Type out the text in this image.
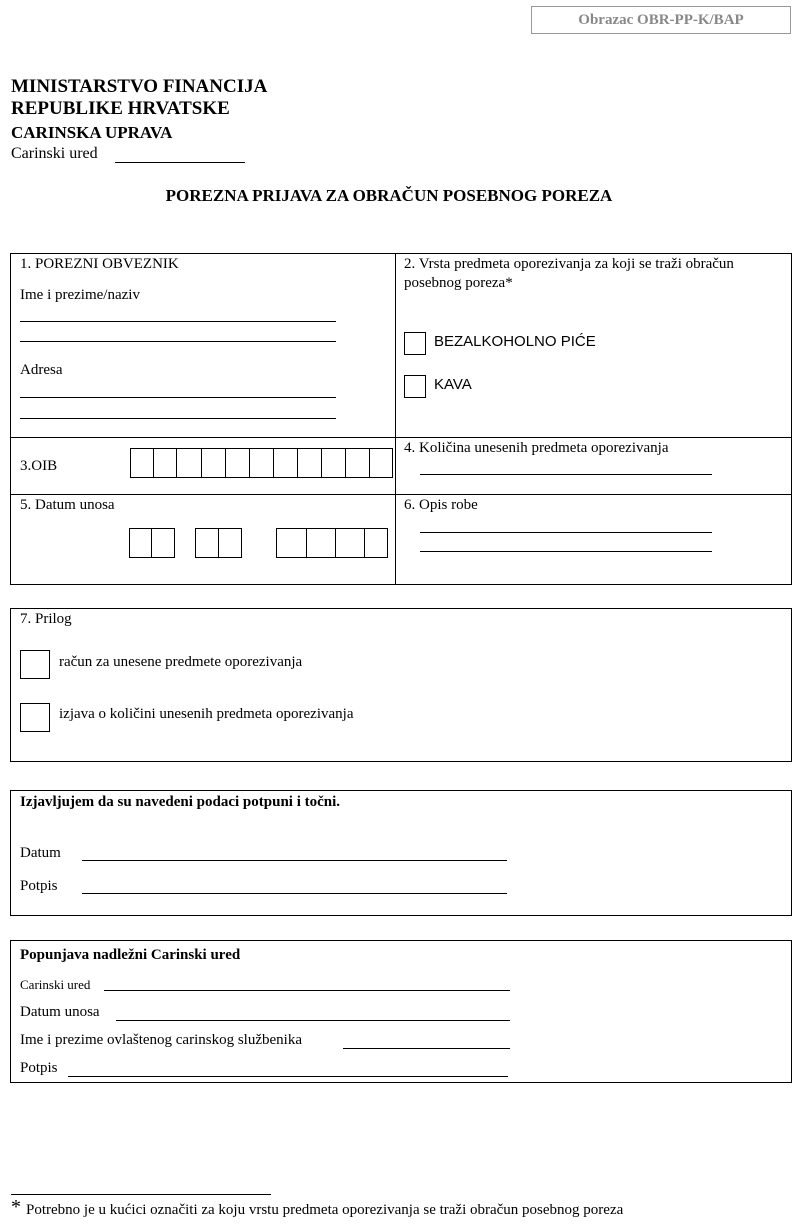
Obrazac OBR-PP-K/BAP
MINISTARSTVO FINANCIJA
REPUBLIKE HRVATSKE
CARINSKA UPRAVA
Carinski ured
POREZNA PRIJAVA ZA OBRAČUN POSEBNOG POREZA
1. POREZNI OBVEZNIK
Ime i prezime/naziv
Adresa
2. Vrsta predmeta oporezivanja za koji se traži obračun
posebnog poreza*
BEZALKOHOLNO PIĆE
KAVA
3.OIB
4. Količina unesenih predmeta oporezivanja
5. Datum unosa	6. Opis robe
7. Prilog
račun za unesene predmete oporezivanja
izjava o količini unesenih predmeta oporezivanja
Izjavljujem da su navedeni podaci potpuni i točni.
Datum
Potpis
Popunjava nadležni Carinski ured
Carinski ured
Datum unosa
Ime i prezime ovlaštenog carinskog službenika
Potpis
* Potrebno je u kućici označiti za koju vrstu predmeta oporezivanja se traži obračun posebnog poreza
